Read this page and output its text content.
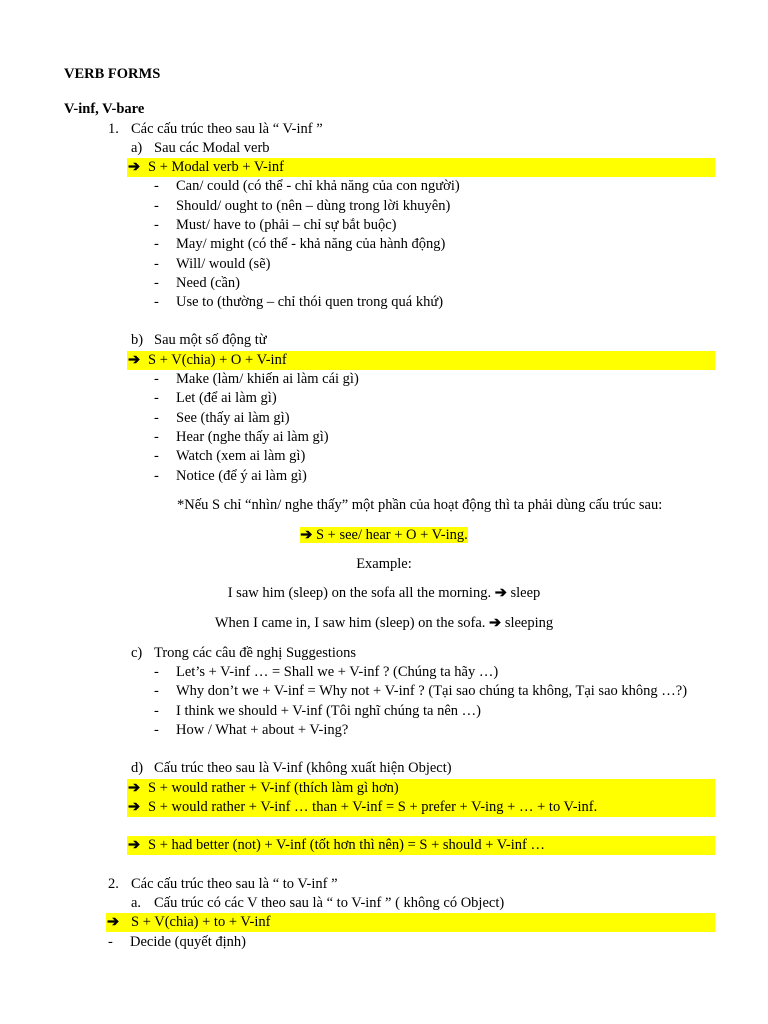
VERB FORMS
V-inf, V-bare
1. Các cấu trúc theo sau là “ V-inf ”
a) Sau các Modal verb
➔ S + Modal verb + V-inf
- Can/ could (có thể - chỉ khả năng của con người)
- Should/ ought to (nên – dùng trong lời khuyên)
- Must/ have to (phải – chỉ sự bắt buộc)
- May/ might (có thể - khả năng của hành động)
- Will/ would (sẽ)
- Need (cần)
- Use to (thường – chỉ thói quen trong quá khứ)
b) Sau một số động từ
➔ S + V(chia) + O + V-inf
- Make (làm/ khiến ai làm cái gì)
- Let (để ai làm gì)
- See (thấy ai làm gì)
- Hear (nghe thấy ai làm gì)
- Watch (xem ai làm gì)
- Notice (để ý ai làm gì)
*Nếu S chỉ “nhìn/ nghe thấy” một phần của hoạt động thì ta phải dùng cấu trúc sau:
➔ S + see/ hear + O + V-ing.
Example:
I saw him (sleep) on the sofa all the morning. ➔ sleep
When I came in, I saw him (sleep) on the sofa. ➔ sleeping
c) Trong các câu đề nghị Suggestions
- Let’s + V-inf … = Shall we + V-inf ? (Chúng ta hãy …)
- Why don’t we + V-inf = Why not + V-inf ? (Tại sao chúng ta không, Tại sao không …?)
- I think we should + V-inf (Tôi nghĩ chúng ta nên …)
- How / What + about + V-ing?
d) Cấu trúc theo sau là V-inf (không xuất hiện Object)
➔ S + would rather + V-inf (thích làm gì hơn)
➔ S + would rather + V-inf … than + V-inf = S + prefer + V-ing + … + to V-inf.
➔ S + had better (not) + V-inf (tốt hơn thì nên) = S + should + V-inf …
2. Các cấu trúc theo sau là “ to V-inf ”
a. Cấu trúc có các V theo sau là “ to V-inf ” ( không có Object)
➔ S + V(chia) + to + V-inf
- Decide (quyết định)
